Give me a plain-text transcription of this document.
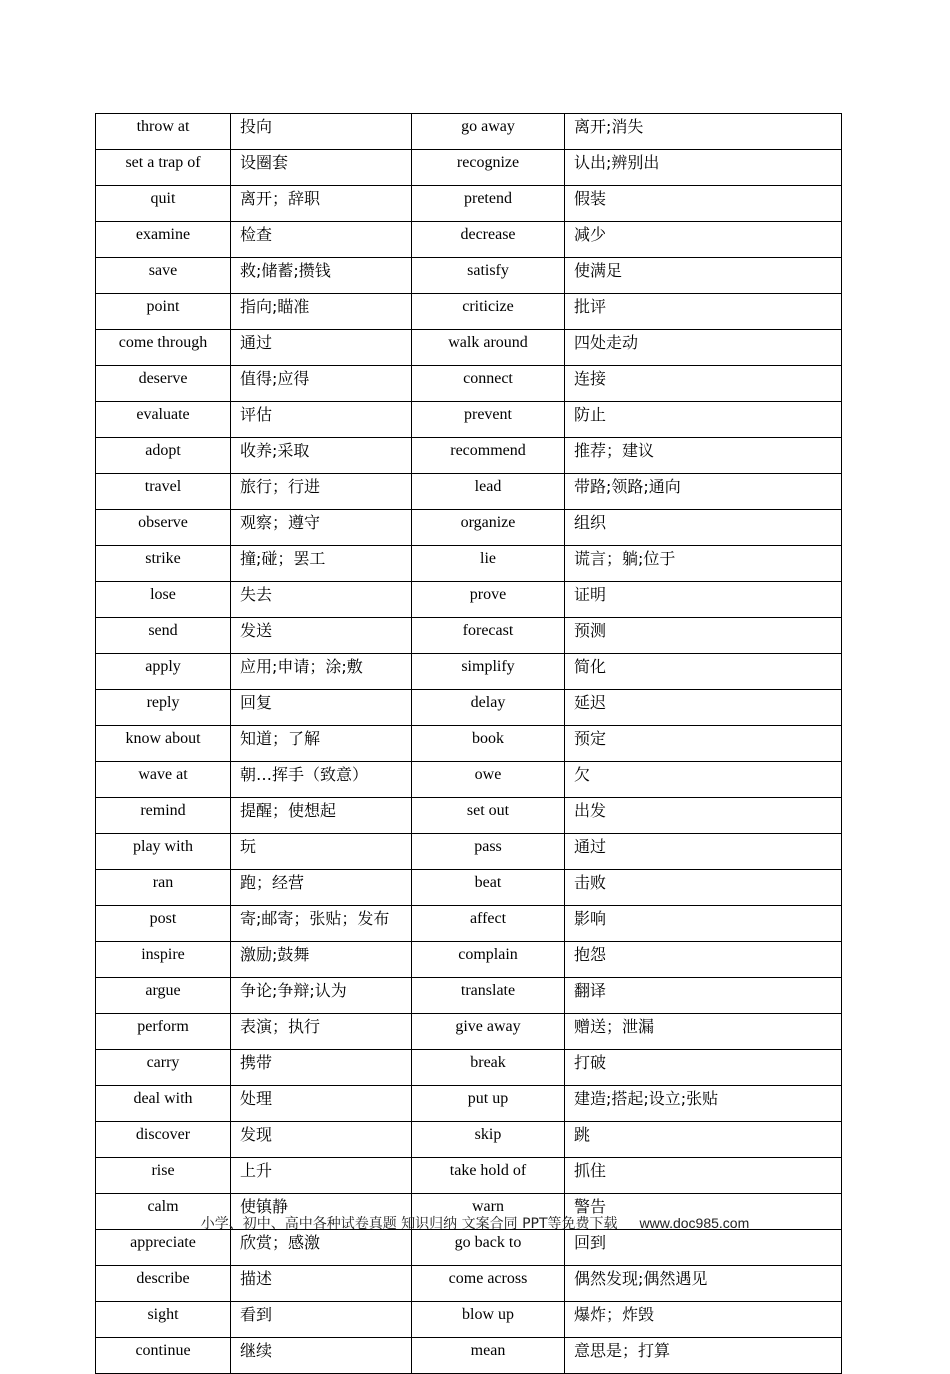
throw at	投向	go away	离开;消失
set a trap of	设圈套	recognize	认出;辨别出
quit	离开；辞职	pretend	假装
examine	检查	decrease	减少
save	救;储蓄;攒钱	satisfy	使满足
point	指向;瞄准	criticize	批评
come through	通过	walk around	四处走动
deserve	值得;应得	connect	连接
evaluate	评估	prevent	防止
adopt	收养;采取	recommend	推荐；建议
travel	旅行；行进	lead	带路;领路;通向
observe	观察；遵守	organize	组织
strike	撞;碰；罢工	lie	谎言；躺;位于
lose	失去	prove	证明
send	发送	forecast	预测
apply	应用;申请；涂;敷	simplify	简化
reply	回复	delay	延迟
know about	知道；了解	book	预定
wave at	朝…挥手（致意）	owe	欠
remind	提醒；使想起	set out	出发
play with	玩	pass	通过
ran	跑；经营	beat	击败
post	寄;邮寄；张贴；发布	affect	影响
inspire	激励;鼓舞	complain	抱怨
argue	争论;争辩;认为	translate	翻译
perform	表演；执行	give away	赠送；泄漏
carry	携带	break	打破
deal with	处理	put up	建造;搭起;设立;张贴
discover	发现	skip	跳
rise	上升	take hold of	抓住
calm	使镇静	warn	警告
appreciate	欣赏；感激	go back to	回到
describe	描述	come across	偶然发现;偶然遇见
sight	看到	blow up	爆炸；炸毁
continue	继续	mean	意思是；打算
小学、初中、高中各种试卷真题 知识归纳 文案合同 PPT等免费下载 www.doc985.com
